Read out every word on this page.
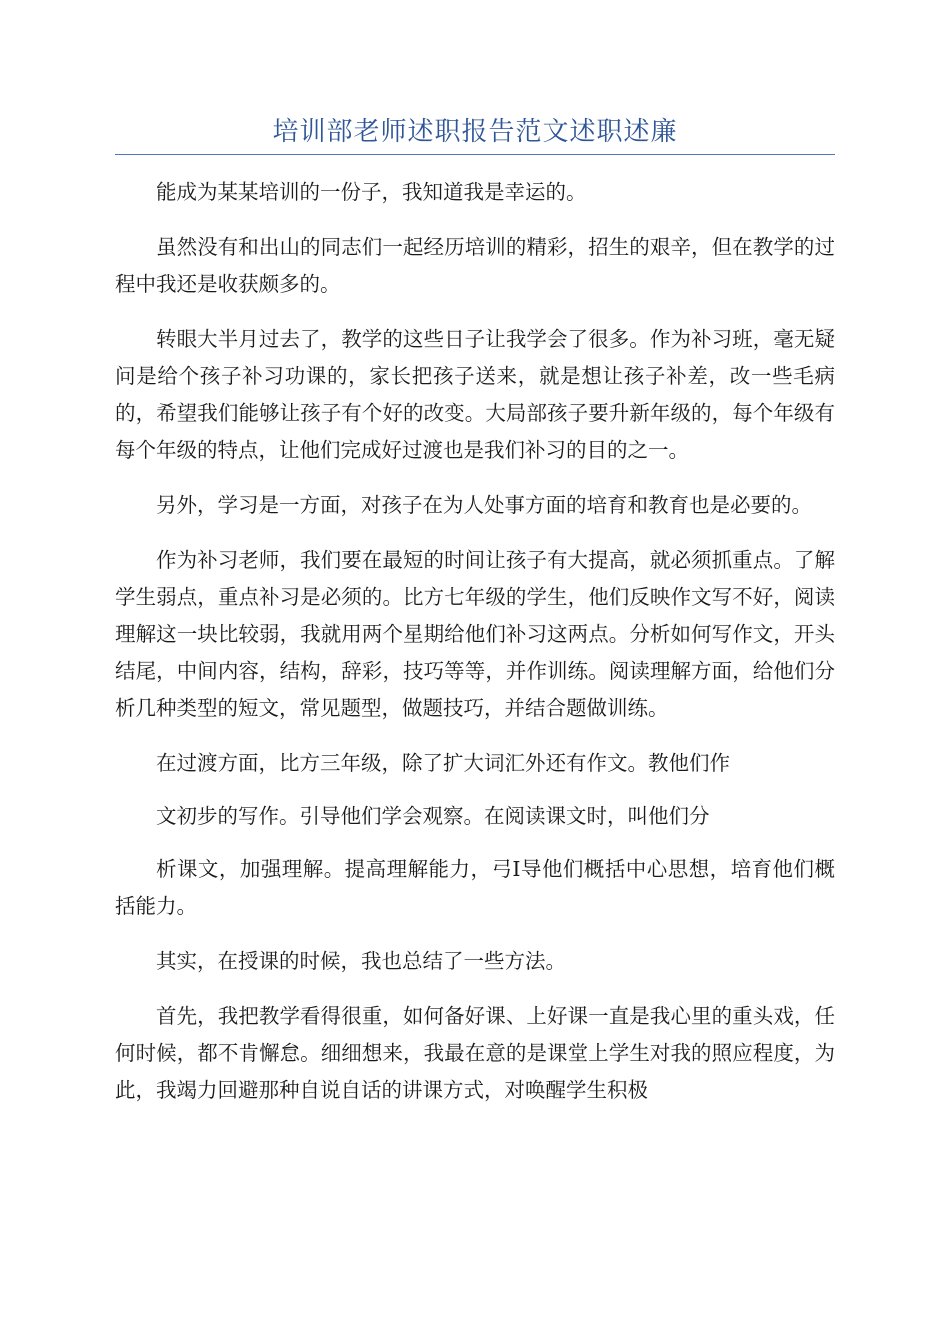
培训部老师述职报告范文述职述廉

能成为某某培训的一份子，我知道我是幸运的。

虽然没有和出山的同志们一起经历培训的精彩，招生的艰辛，但在教学的过程中我还是收获颇多的。

转眼大半月过去了，教学的这些日子让我学会了很多。作为补习班，毫无疑问是给个孩子补习功课的，家长把孩子送来，就是想让孩子补差，改一些毛病的，希望我们能够让孩子有个好的改变。大局部孩子要升新年级的，每个年级有每个年级的特点，让他们完成好过渡也是我们补习的目的之一。

另外，学习是一方面，对孩子在为人处事方面的培育和教育也是必要的。

作为补习老师，我们要在最短的时间让孩子有大提高，就必须抓重点。了解学生弱点，重点补习是必须的。比方七年级的学生，他们反映作文写不好，阅读理解这一块比较弱，我就用两个星期给他们补习这两点。分析如何写作文，开头结尾，中间内容，结构，辞彩，技巧等等，并作训练。阅读理解方面，给他们分析几种类型的短文，常见题型，做题技巧，并结合题做训练。

在过渡方面，比方三年级，除了扩大词汇外还有作文。教他们作

文初步的写作。引导他们学会观察。在阅读课文时，叫他们分

析课文，加强理解。提高理解能力，弓I导他们概括中心思想，培育他们概括能力。

其实，在授课的时候，我也总结了一些方法。

首先，我把教学看得很重，如何备好课、上好课一直是我心里的重头戏，任何时候，都不肯懈怠。细细想来，我最在意的是课堂上学生对我的照应程度，为此，我竭力回避那种自说自话的讲课方式，对唤醒学生积极
